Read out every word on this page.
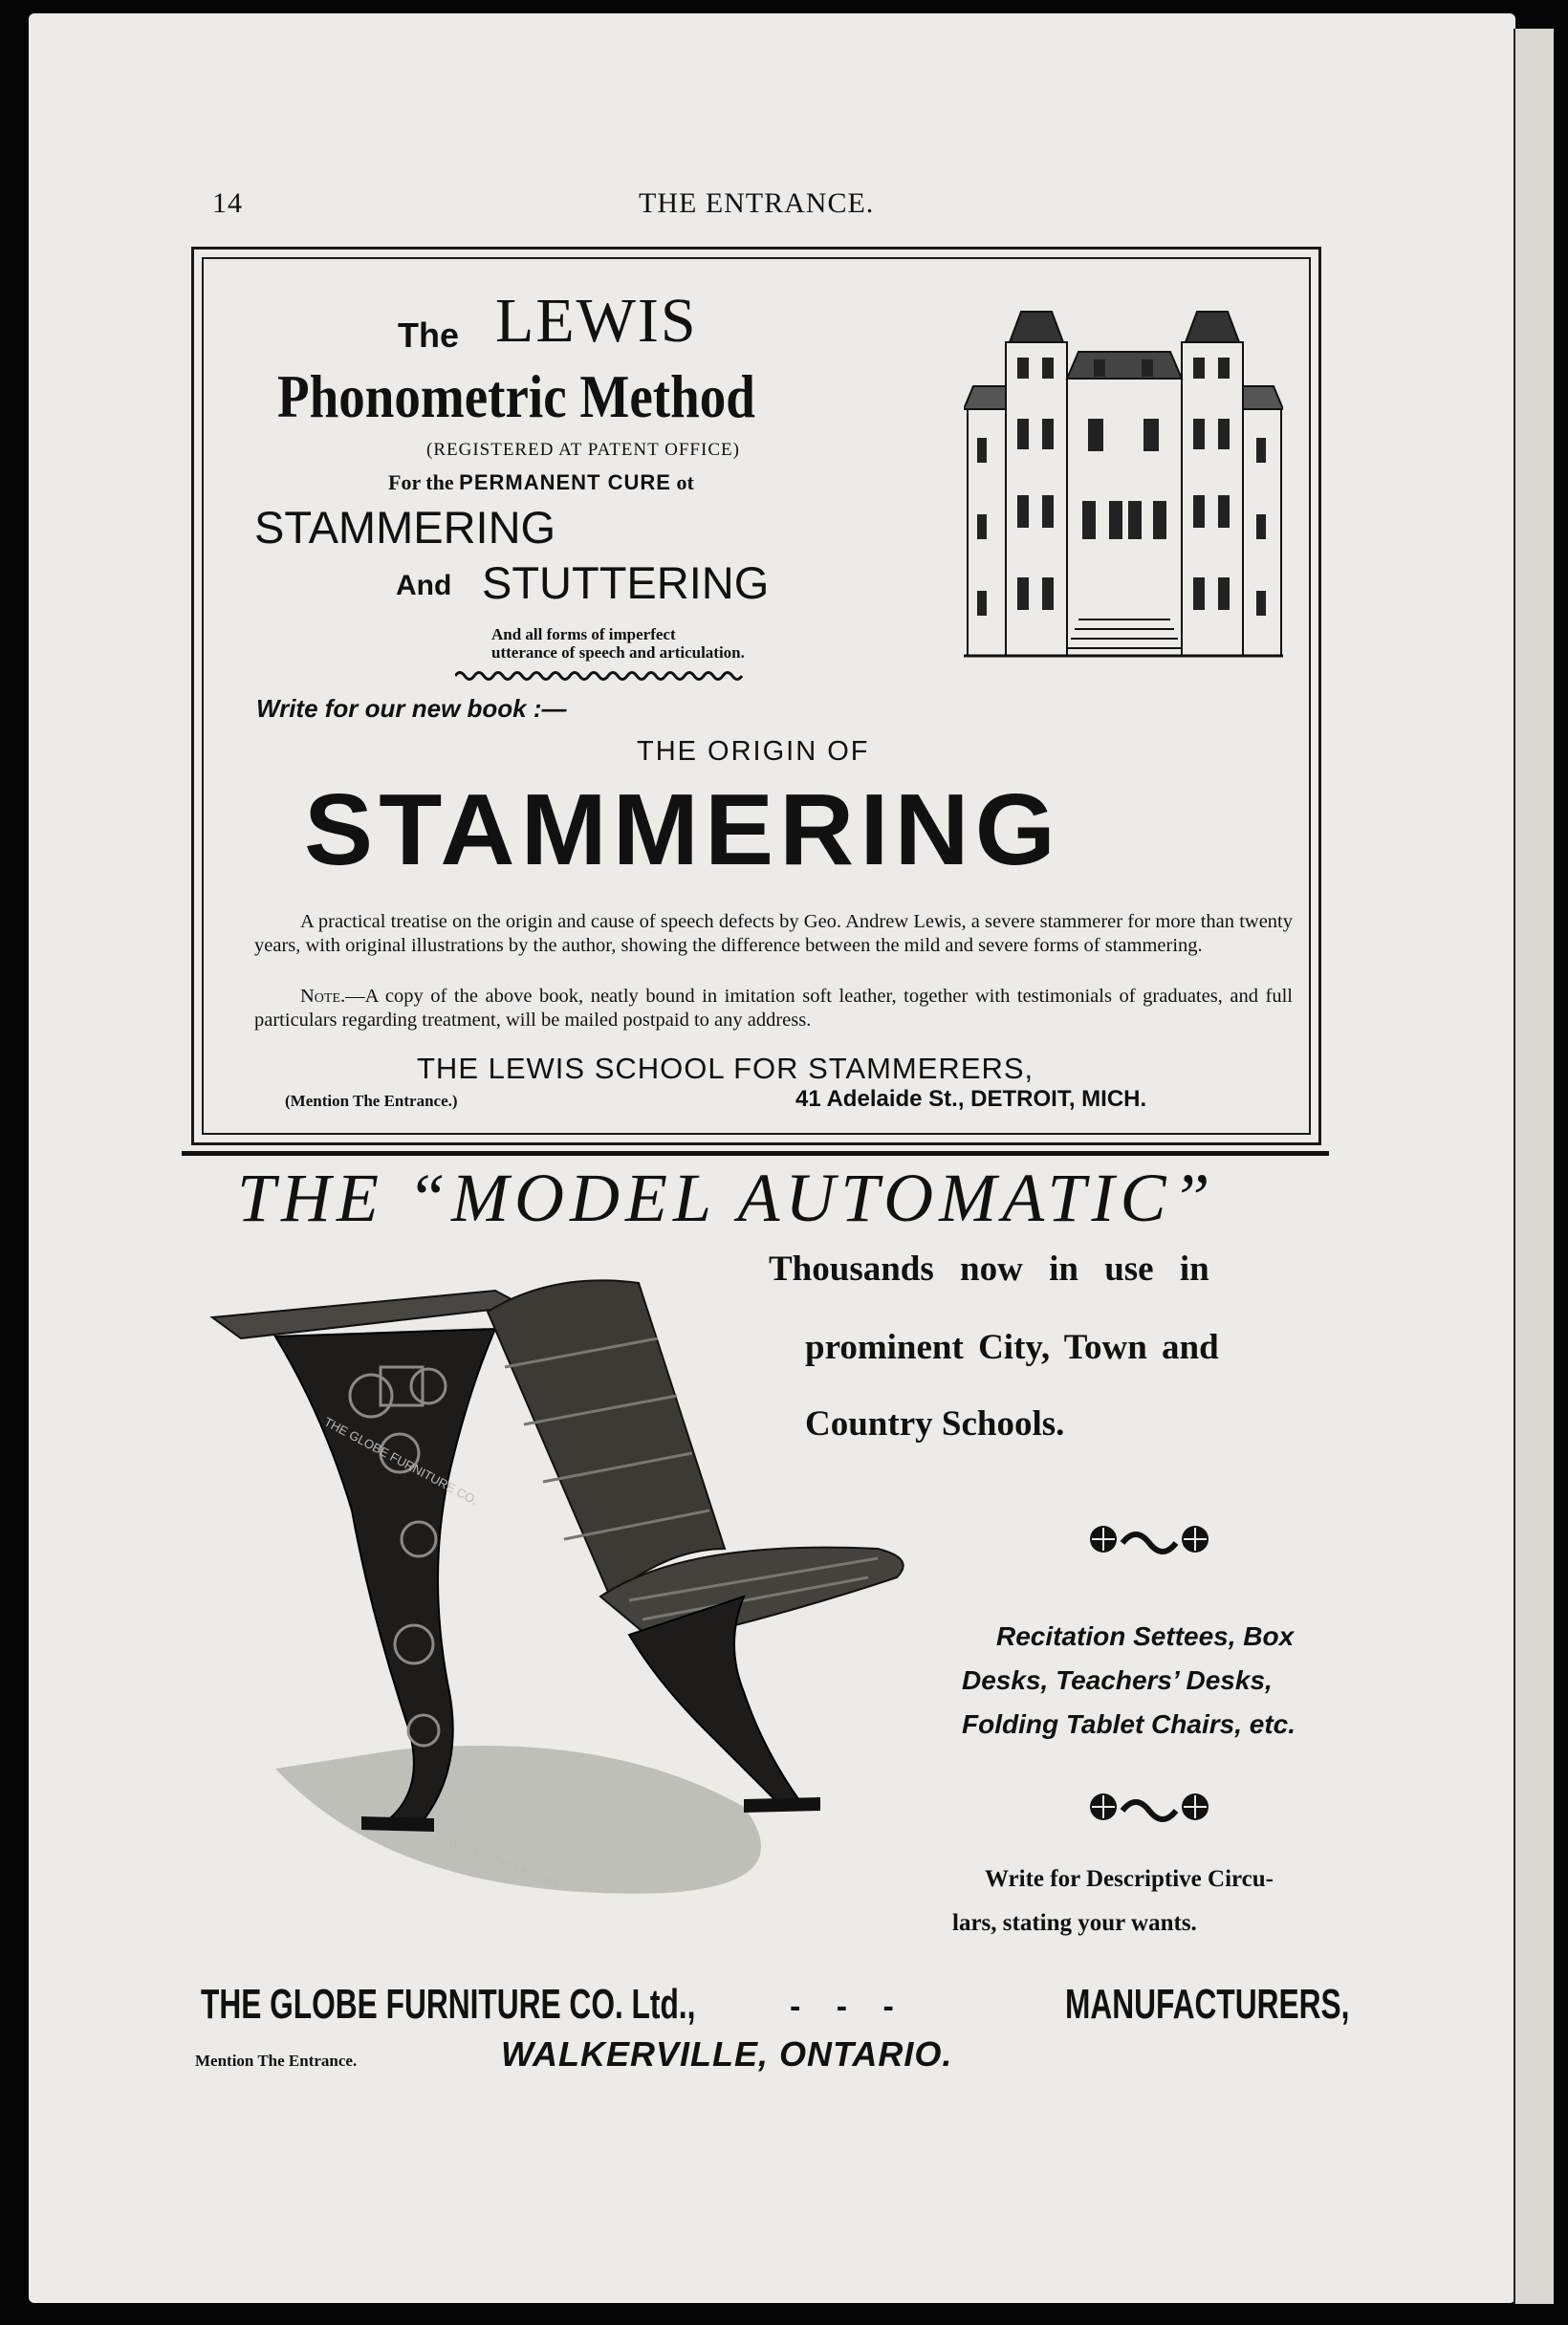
14	THE ENTRANCE.
The LEWIS
Phonometric Method
(REGISTERED AT PATENT OFFICE)
For the PERMANENT CURE ot
STAMMERING
And STUTTERING
And all forms of imperfect
utterance of speech and articulation.
Write for our new book :—
THE ORIGIN OF
STAMMERING
A practical treatise on the origin and cause of speech defects by Geo. Andrew Lewis, a severe stammerer for more than twenty years, with original illustrations by the author, showing the difference between the mild and severe forms of stammering.
Note.—A copy of the above book, neatly bound in imitation soft leather, together with testimonials of graduates, and full particulars regarding treatment, will be mailed postpaid to any address.
THE LEWIS SCHOOL FOR STAMMERERS,
(Mention The Entrance.)	41 Adelaide St., DETROIT, MICH.
THE “MODEL AUTOMATIC”
Thousands now in use in
prominent City, Town and
Country Schools.
Recitation Settees, Box
Desks, Teachers’ Desks,
Folding Tablet Chairs, etc.
Write for Descriptive Circu-
lars, stating your wants.
THE GLOBE FURNITURE CO.
WALKERVILLE, ONT.
THE GLOBE FURNITURE CO. Ltd.,	- - -	MANUFACTURERS,
Mention The Entrance.	WALKERVILLE, ONTARIO.
